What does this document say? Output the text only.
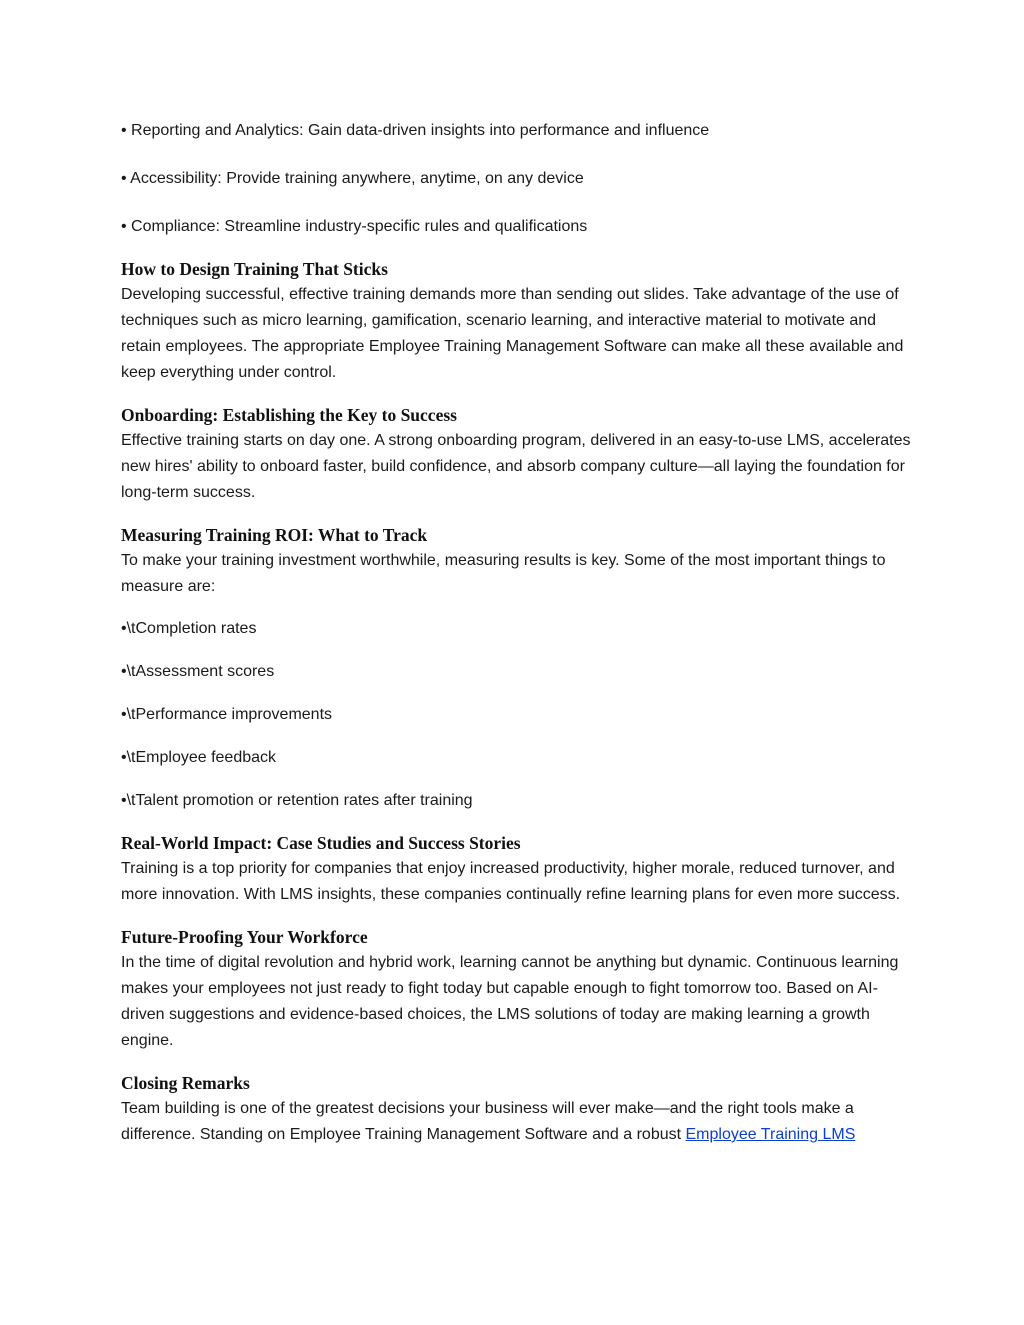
• Reporting and Analytics: Gain data-driven insights into performance and influence

• Accessibility: Provide training anywhere, anytime, on any device

• Compliance: Streamline industry-specific rules and qualifications

How to Design Training That Sticks

Developing successful, effective training demands more than sending out slides. Take advantage of the use of techniques such as micro learning, gamification, scenario learning, and interactive material to motivate and retain employees. The appropriate Employee Training Management Software can make all these available and keep everything under control.

Onboarding: Establishing the Key to Success

Effective training starts on day one. A strong onboarding program, delivered in an easy-to-use LMS, accelerates new hires' ability to onboard faster, build confidence, and absorb company culture—all laying the foundation for long-term success.

Measuring Training ROI: What to Track

To make your training investment worthwhile, measuring results is key. Some of the most important things to measure are:

•\tCompletion rates

•\tAssessment scores

•\tPerformance improvements

•\tEmployee feedback

•\tTalent promotion or retention rates after training

Real-World Impact: Case Studies and Success Stories

Training is a top priority for companies that enjoy increased productivity, higher morale, reduced turnover, and more innovation. With LMS insights, these companies continually refine learning plans for even more success.

Future-Proofing Your Workforce

In the time of digital revolution and hybrid work, learning cannot be anything but dynamic. Continuous learning makes your employees not just ready to fight today but capable enough to fight tomorrow too. Based on AI-driven suggestions and evidence-based choices, the LMS solutions of today are making learning a growth engine.

Closing Remarks

Team building is one of the greatest decisions your business will ever make—and the right tools make a difference. Standing on Employee Training Management Software and a robust Employee Training LMS
